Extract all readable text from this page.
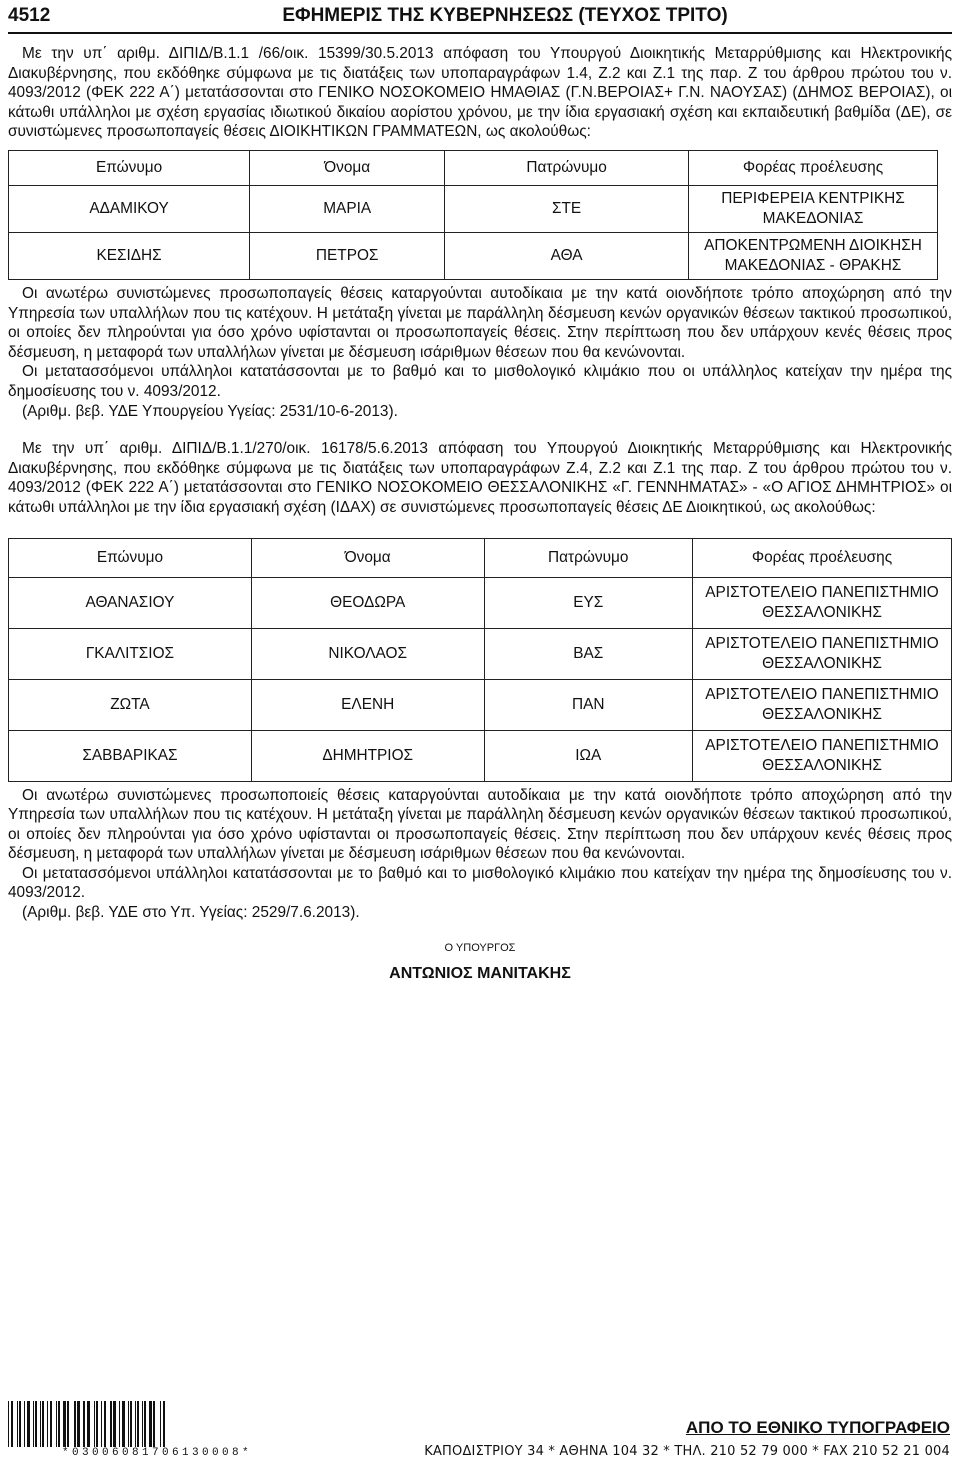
4512	ΕΦΗΜΕΡΙΣ ΤΗΣ ΚΥΒΕΡΝΗΣΕΩΣ (ΤΕΥΧΟΣ ΤΡΙΤΟ)

Με την υπ΄ αριθμ. ΔΙΠΙΔ/Β.1.1 /66/οικ. 15399/30.5.2013 απόφαση του Υπουργού Διοικητικής Μεταρρύθμισης και Ηλεκτρονικής Διακυβέρνησης, που εκδόθηκε σύμφωνα με τις διατάξεις των υποπαραγράφων 1.4, Ζ.2 και Ζ.1 της παρ. Ζ του άρθρου πρώτου του ν. 4093/2012 (ΦΕΚ 222 Α΄) μετατάσσονται στο ΓΕΝΙΚΟ ΝΟΣΟΚΟΜΕΙΟ ΗΜΑΘΙΑΣ (Γ.Ν.ΒΕΡΟΙΑΣ+ Γ.Ν. ΝΑΟΥΣΑΣ) (ΔΗΜΟΣ ΒΕΡΟΙΑΣ), οι κάτωθι υπάλληλοι με σχέση εργασίας ιδιωτικού δικαίου αορίστου χρόνου, με την ίδια εργασιακή σχέση και εκπαιδευτική βαθμίδα (ΔΕ), σε συνιστώμενες προσωποπαγείς θέσεις ΔΙΟΙΚΗΤΙΚΩΝ ΓΡΑΜΜΑΤΕΩΝ, ως ακολούθως:

Επώνυμο	Όνομα	Πατρώνυμο	Φορέας προέλευσης
ΑΔΑΜΙΚΟΥ	ΜΑΡΙΑ	ΣΤΕ	ΠΕΡΙΦΕΡΕΙΑ ΚΕΝΤΡΙΚΗΣ ΜΑΚΕΔΟΝΙΑΣ
ΚΕΣΙΔΗΣ	ΠΕΤΡΟΣ	ΑΘΑ	ΑΠΟΚΕΝΤΡΩΜΕΝΗ ΔΙΟΙΚΗΣΗ ΜΑΚΕΔΟΝΙΑΣ - ΘΡΑΚΗΣ

Οι ανωτέρω συνιστώμενες προσωποπαγείς θέσεις καταργούνται αυτοδίκαια με την κατά οιονδήποτε τρόπο αποχώρηση από την Υπηρεσία των υπαλλήλων που τις κατέχουν. Η μετάταξη γίνεται με παράλληλη δέσμευση κενών οργανικών θέσεων τακτικού προσωπικού, οι οποίες δεν πληρούνται για όσο χρόνο υφίστανται οι προσωποπαγείς θέσεις. Στην περίπτωση που δεν υπάρχουν κενές θέσεις προς δέσμευση, η μεταφορά των υπαλλήλων γίνεται με δέσμευση ισάριθμων θέσεων που θα κενώνονται.

Οι μετατασσόμενοι υπάλληλοι κατατάσσονται με το βαθμό και το μισθολογικό κλιμάκιο που οι υπάλληλος κατείχαν την ημέρα της δημοσίευσης του ν. 4093/2012.

(Αριθμ. βεβ. ΥΔΕ Υπουργείου Υγείας: 2531/10-6-2013).

Με την υπ΄ αριθμ. ΔΙΠΙΔ/Β.1.1/270/οικ. 16178/5.6.2013 απόφαση του Υπουργού Διοικητικής Μεταρρύθμισης και Ηλεκτρονικής Διακυβέρνησης, που εκδόθηκε σύμφωνα με τις διατάξεις των υποπαραγράφων Ζ.4, Ζ.2 και Ζ.1 της παρ. Ζ του άρθρου πρώτου του ν. 4093/2012 (ΦΕΚ 222 Α΄) μετατάσσονται στο ΓΕΝΙΚΟ ΝΟΣΟΚΟΜΕΙΟ ΘΕΣΣΑΛΟΝΙΚΗΣ «Γ. ΓΕΝΝΗΜΑΤΑΣ» - «Ο ΑΓΙΟΣ ΔΗΜΗΤΡΙΟΣ» οι κάτωθι υπάλληλοι με την ίδια εργασιακή σχέση (ΙΔΑΧ) σε συνιστώμενες προσωποπαγείς θέσεις ΔΕ Διοικητικού, ως ακολούθως:

Επώνυμο	Όνομα	Πατρώνυμο	Φορέας προέλευσης
ΑΘΑΝΑΣΙΟΥ	ΘΕΟΔΩΡΑ	ΕΥΣ	ΑΡΙΣΤΟΤΕΛΕΙΟ ΠΑΝΕΠΙΣΤΗΜΙΟ ΘΕΣΣΑΛΟΝΙΚΗΣ
ΓΚΑΛΙΤΣΙΟΣ	ΝΙΚΟΛΑΟΣ	ΒΑΣ	ΑΡΙΣΤΟΤΕΛΕΙΟ ΠΑΝΕΠΙΣΤΗΜΙΟ ΘΕΣΣΑΛΟΝΙΚΗΣ
ΖΩΤΑ	ΕΛΕΝΗ	ΠΑΝ	ΑΡΙΣΤΟΤΕΛΕΙΟ ΠΑΝΕΠΙΣΤΗΜΙΟ ΘΕΣΣΑΛΟΝΙΚΗΣ
ΣΑΒΒΑΡΙΚΑΣ	ΔΗΜΗΤΡΙΟΣ	ΙΩΑ	ΑΡΙΣΤΟΤΕΛΕΙΟ ΠΑΝΕΠΙΣΤΗΜΙΟ ΘΕΣΣΑΛΟΝΙΚΗΣ

Οι ανωτέρω συνιστώμενες προσωποποιείς θέσεις καταργούνται αυτοδίκαια με την κατά οιονδήποτε τρόπο αποχώρηση από την Υπηρεσία των υπαλλήλων που τις κατέχουν. Η μετάταξη γίνεται με παράλληλη δέσμευση κενών οργανικών θέσεων τακτικού προσωπικού, οι οποίες δεν πληρούνται για όσο χρόνο υφίστανται οι προσωποπαγείς θέσεις. Στην περίπτωση που δεν υπάρχουν κενές θέσεις προς δέσμευση, η μεταφορά των υπαλλήλων γίνεται με δέσμευση ισάριθμων θέσεων που θα κενώνονται.

Οι μετατασσόμενοι υπάλληλοι κατατάσσονται με το βαθμό και το μισθολογικό κλιμάκιο που κατείχαν την ημέρα της δημοσίευσης του ν. 4093/2012.

(Αριθμ. βεβ. ΥΔΕ στο Υπ. Υγείας: 2529/7.6.2013).

Ο ΥΠΟΥΡΓΟΣ
ΑΝΤΩΝΙΟΣ ΜΑΝΙΤΑΚΗΣ
*03006081706130008*
ΑΠΟ ΤΟ ΕΘΝΙΚΟ ΤΥΠΟΓΡΑΦΕΙΟ
ΚΑΠΟΔΙΣΤΡΙΟΥ 34 * ΑΘΗΝΑ 104 32 * ΤΗΛ. 210 52 79 000 * FAX 210 52 21 004
